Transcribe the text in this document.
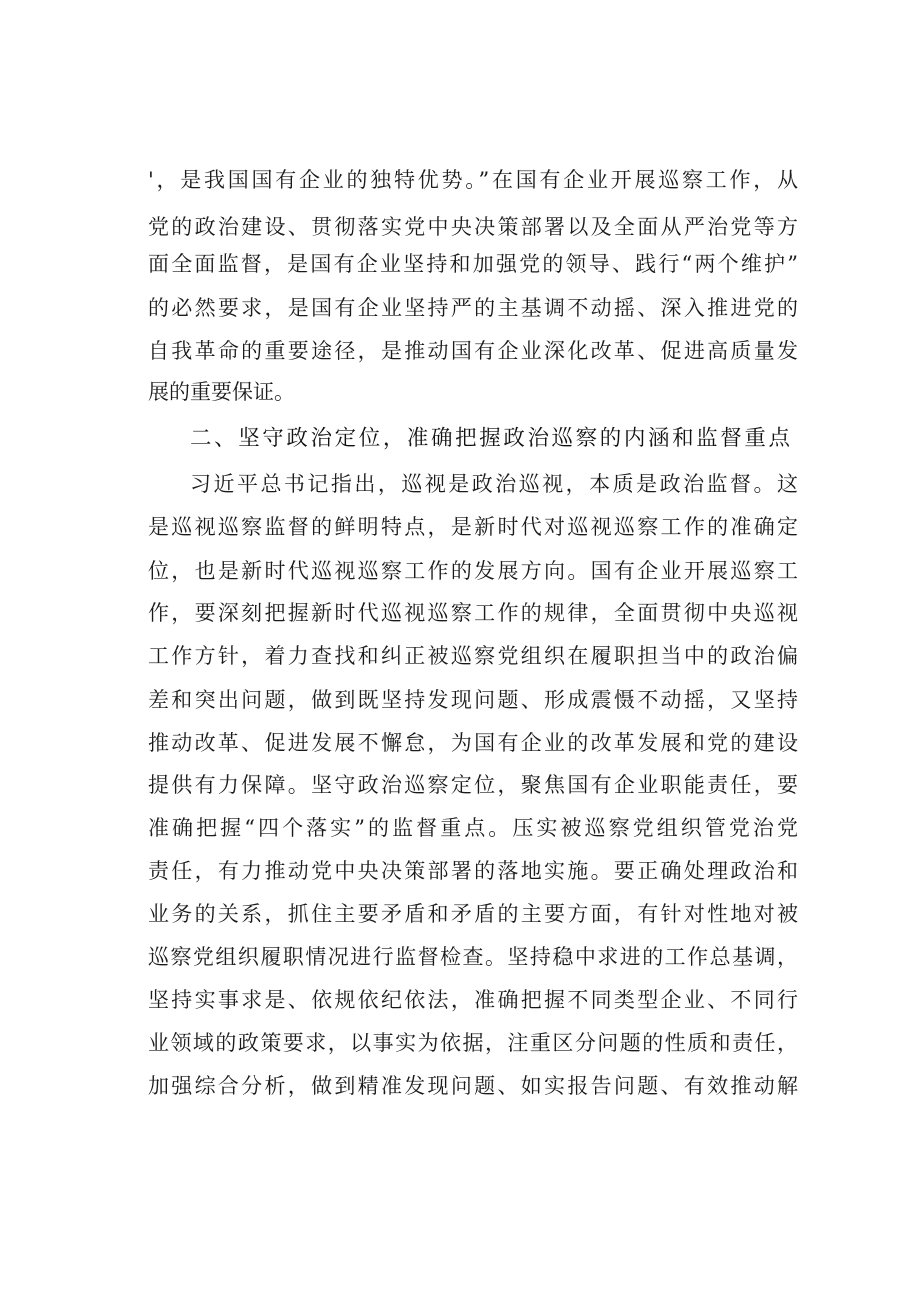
'，是我国国有企业的独特优势。”在国有企业开展巡察工作，从
党的政治建设、贯彻落实党中央决策部署以及全面从严治党等方
面全面监督，是国有企业坚持和加强党的领导、践行“两个维护”
的必然要求，是国有企业坚持严的主基调不动摇、深入推进党的
自我革命的重要途径，是推动国有企业深化改革、促进高质量发
展的重要保证。
二、坚守政治定位，准确把握政治巡察的内涵和监督重点
习近平总书记指出，巡视是政治巡视，本质是政治监督。这
是巡视巡察监督的鲜明特点，是新时代对巡视巡察工作的准确定
位，也是新时代巡视巡察工作的发展方向。国有企业开展巡察工
作，要深刻把握新时代巡视巡察工作的规律，全面贯彻中央巡视
工作方针，着力查找和纠正被巡察党组织在履职担当中的政治偏
差和突出问题，做到既坚持发现问题、形成震慑不动摇，又坚持
推动改革、促进发展不懈怠，为国有企业的改革发展和党的建设
提供有力保障。坚守政治巡察定位，聚焦国有企业职能责任，要
准确把握“四个落实”的监督重点。压实被巡察党组织管党治党
责任，有力推动党中央决策部署的落地实施。要正确处理政治和
业务的关系，抓住主要矛盾和矛盾的主要方面，有针对性地对被
巡察党组织履职情况进行监督检查。坚持稳中求进的工作总基调，
坚持实事求是、依规依纪依法，准确把握不同类型企业、不同行
业领域的政策要求，以事实为依据，注重区分问题的性质和责任，
加强综合分析，做到精准发现问题、如实报告问题、有效推动解
